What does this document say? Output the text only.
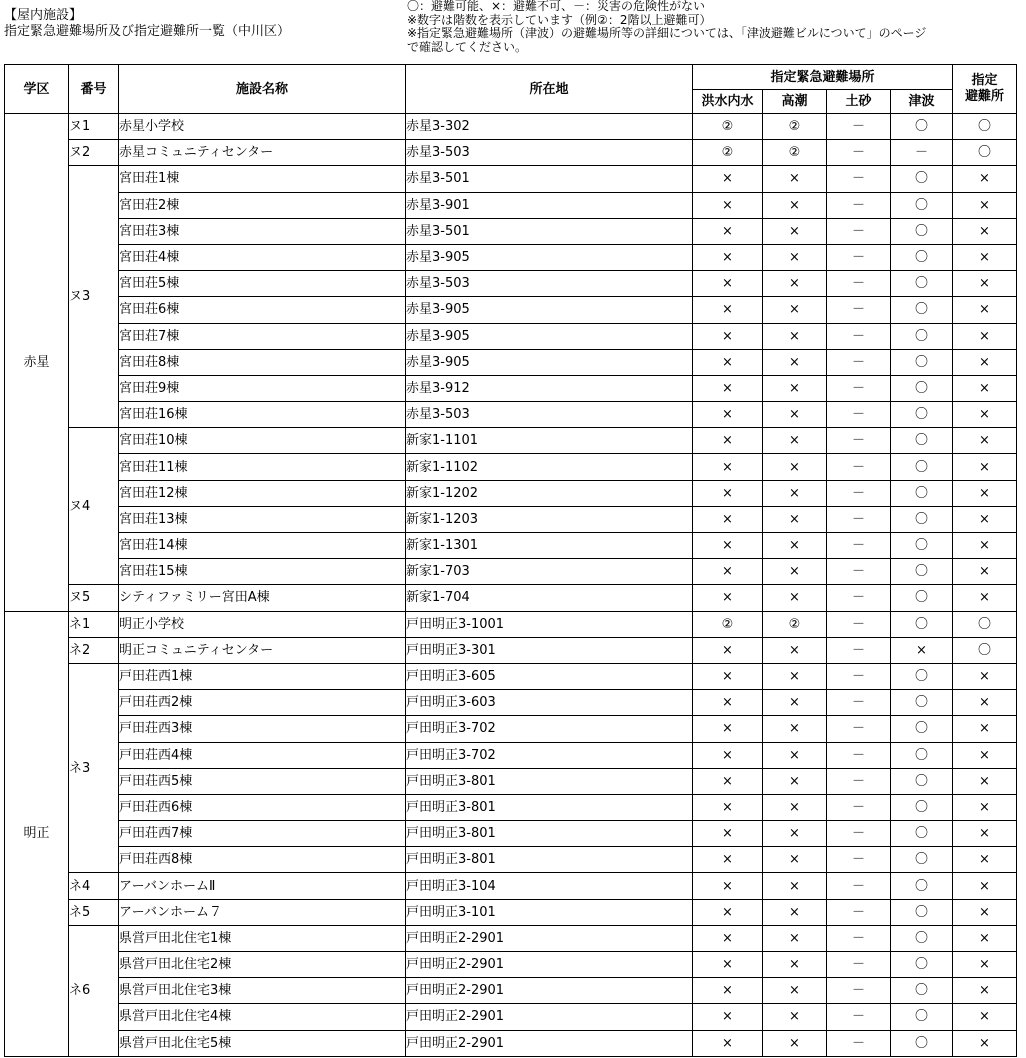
【屋内施設】
指定緊急避難場所及び指定避難所一覧（中川区）
〇：避難可能、×：避難不可、－：災害の危険性がない
※数字は階数を表示しています（例②：2階以上避難可）
※指定緊急避難場所（津波）の避難場所等の詳細については、「津波避難ビルについて」のページ
で確認してください。
学区	番号	施設名称	所在地	指定緊急避難場所				指定
避難所
				洪水内水	高潮	土砂	津波	
赤星	ヌ1	赤星小学校	赤星3-302	②	②	－	〇	〇
	ヌ2	赤星コミュニティセンター	赤星3-503	②	②	－	－	〇
	ヌ3	宮田荘1棟	赤星3-501	×	×	－	〇	×
		宮田荘2棟	赤星3-901	×	×	－	〇	×
		宮田荘3棟	赤星3-501	×	×	－	〇	×
		宮田荘4棟	赤星3-905	×	×	－	〇	×
		宮田荘5棟	赤星3-503	×	×	－	〇	×
		宮田荘6棟	赤星3-905	×	×	－	〇	×
		宮田荘7棟	赤星3-905	×	×	－	〇	×
		宮田荘8棟	赤星3-905	×	×	－	〇	×
		宮田荘9棟	赤星3-912	×	×	－	〇	×
		宮田荘16棟	赤星3-503	×	×	－	〇	×
	ヌ4	宮田荘10棟	新家1-1101	×	×	－	〇	×
		宮田荘11棟	新家1-1102	×	×	－	〇	×
		宮田荘12棟	新家1-1202	×	×	－	〇	×
		宮田荘13棟	新家1-1203	×	×	－	〇	×
		宮田荘14棟	新家1-1301	×	×	－	〇	×
		宮田荘15棟	新家1-703	×	×	－	〇	×
	ヌ5	シティファミリー宮田A棟	新家1-704	×	×	－	〇	×
明正	ネ1	明正小学校	戸田明正3-1001	②	②	－	〇	〇
	ネ2	明正コミュニティセンター	戸田明正3-301	×	×	－	×	〇
	ネ3	戸田荘西1棟	戸田明正3-605	×	×	－	〇	×
		戸田荘西2棟	戸田明正3-603	×	×	－	〇	×
		戸田荘西3棟	戸田明正3-702	×	×	－	〇	×
		戸田荘西4棟	戸田明正3-702	×	×	－	〇	×
		戸田荘西5棟	戸田明正3-801	×	×	－	〇	×
		戸田荘西6棟	戸田明正3-801	×	×	－	〇	×
		戸田荘西7棟	戸田明正3-801	×	×	－	〇	×
		戸田荘西8棟	戸田明正3-801	×	×	－	〇	×
	ネ4	アーバンホームⅡ	戸田明正3-104	×	×	－	〇	×
	ネ5	アーバンホーム７	戸田明正3-101	×	×	－	〇	×
	ネ6	県営戸田北住宅1棟	戸田明正2-2901	×	×	－	〇	×
		県営戸田北住宅2棟	戸田明正2-2901	×	×	－	〇	×
		県営戸田北住宅3棟	戸田明正2-2901	×	×	－	〇	×
		県営戸田北住宅4棟	戸田明正2-2901	×	×	－	〇	×
		県営戸田北住宅5棟	戸田明正2-2901	×	×	－	〇	×
